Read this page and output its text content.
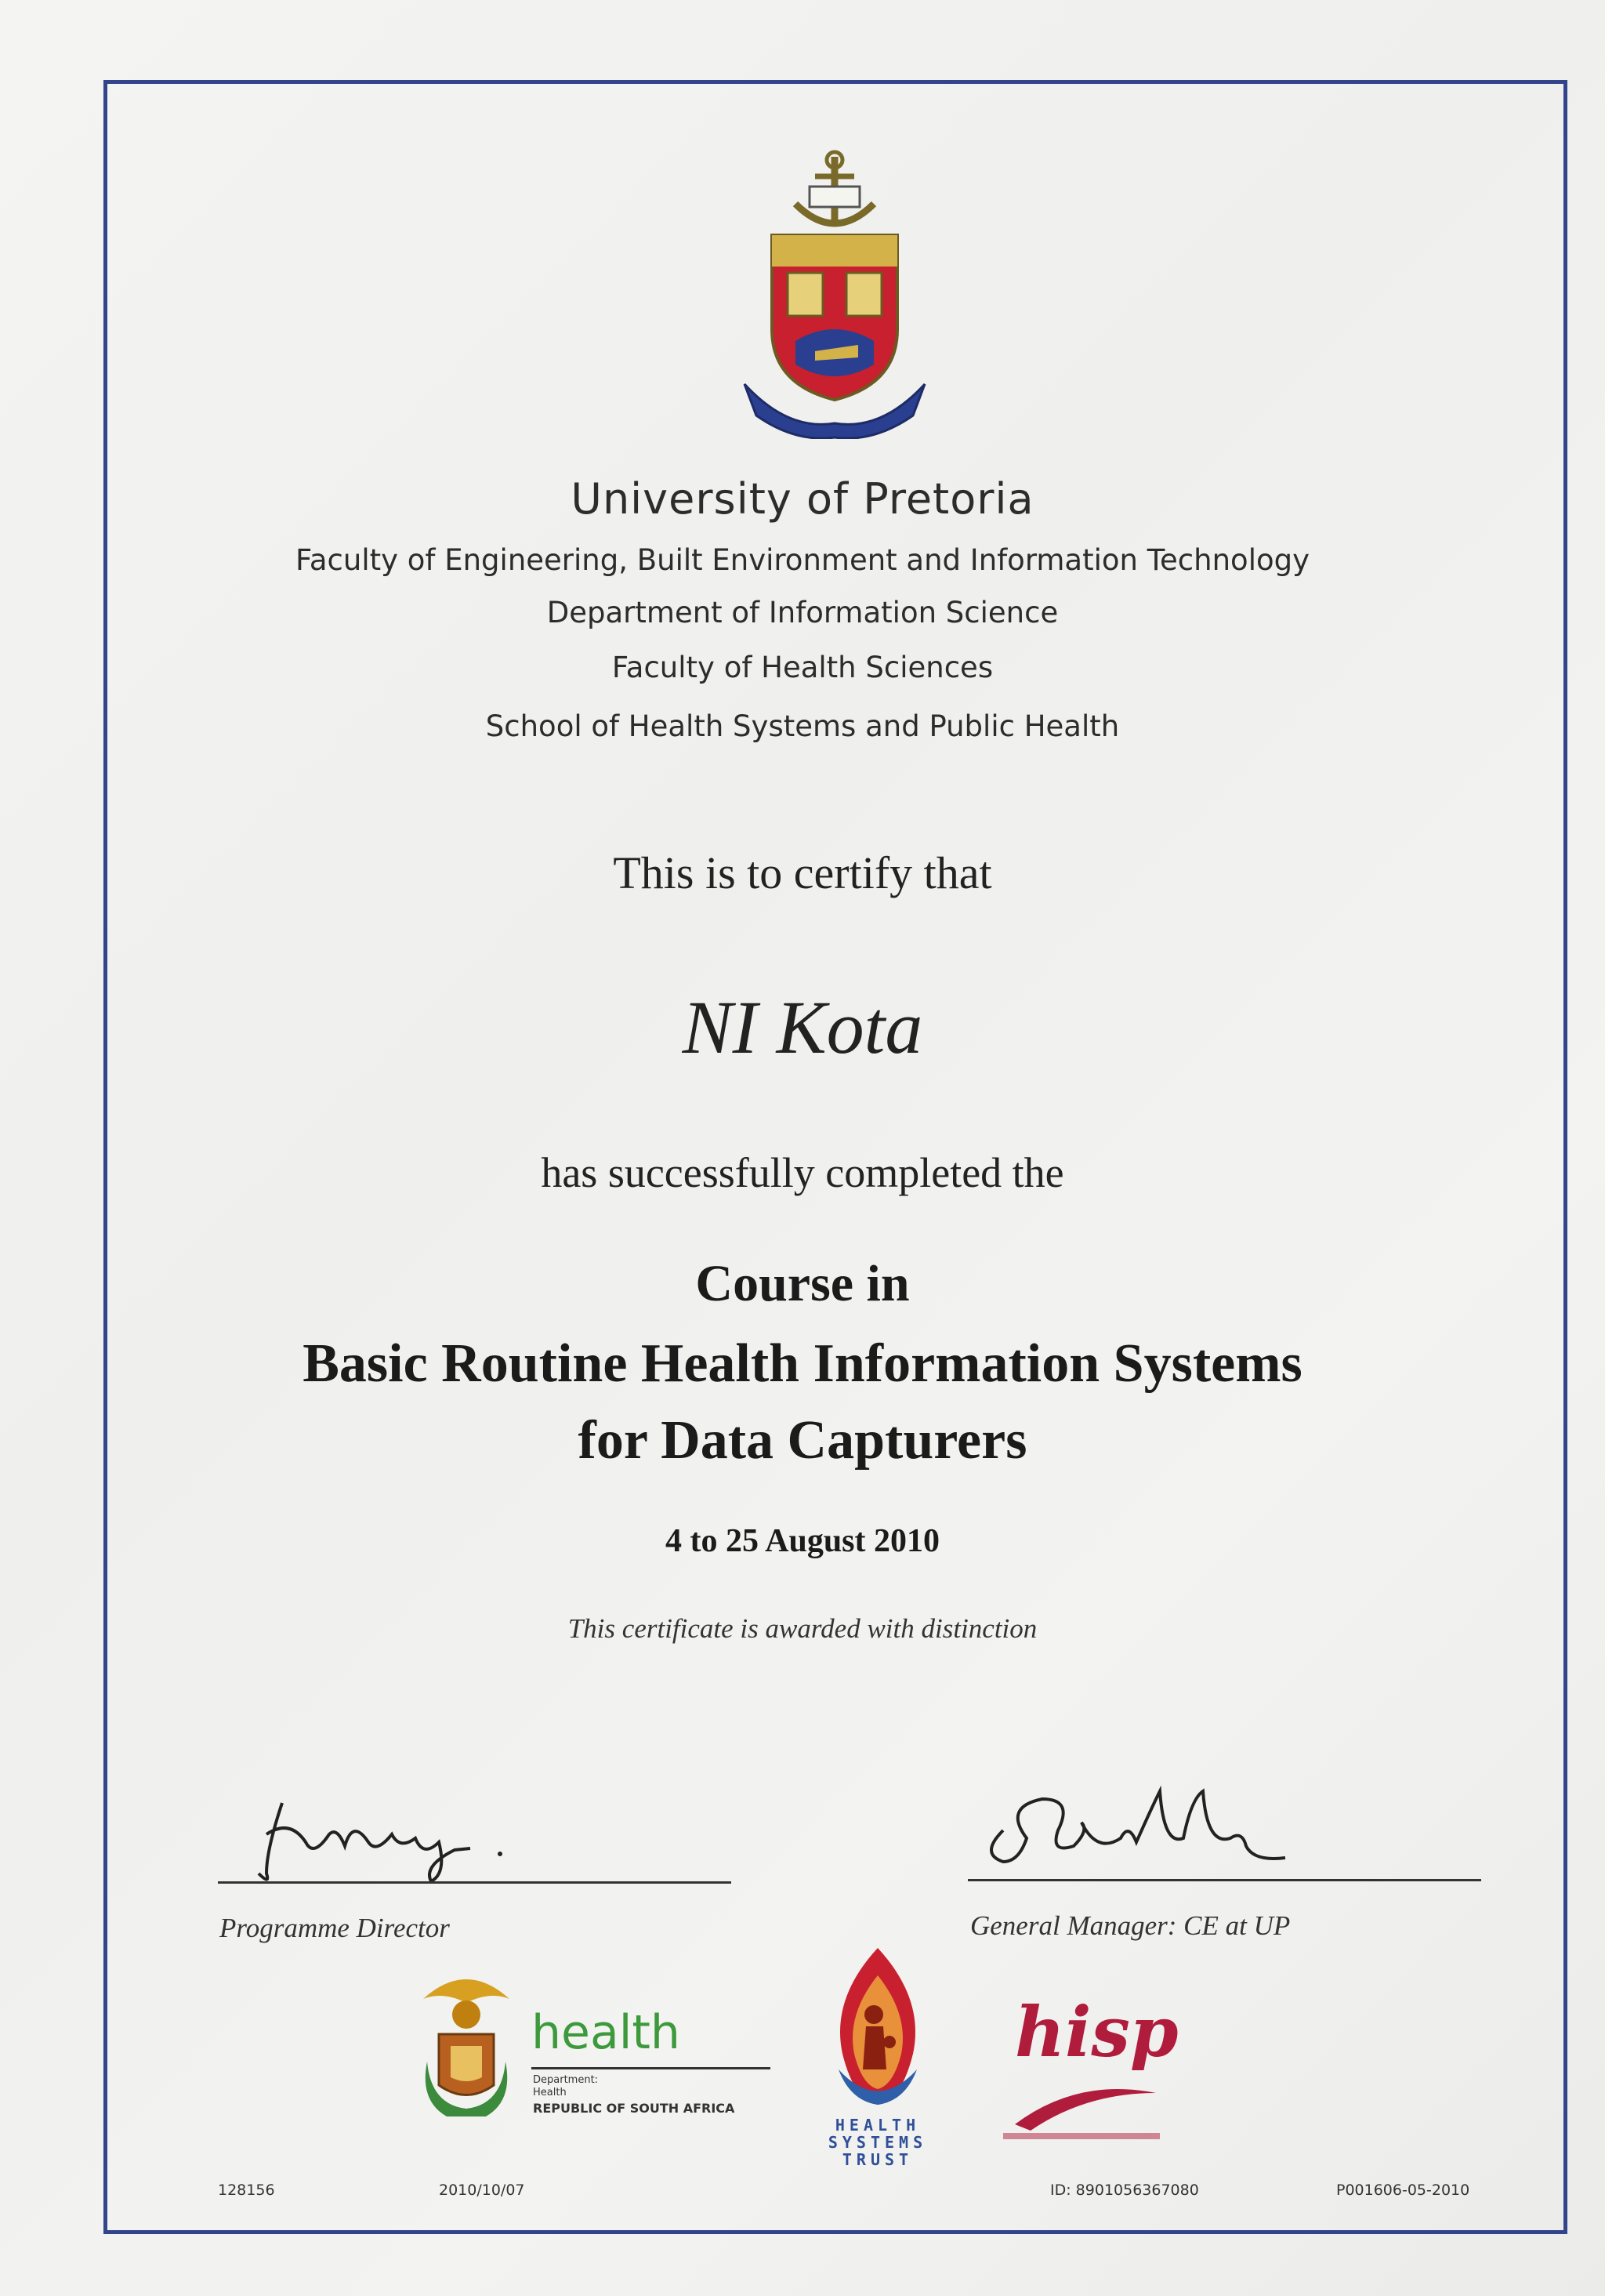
University of Pretoria
Faculty of Engineering, Built Environment and Information Technology
Department of Information Science
Faculty of Health Sciences
School of Health Systems and Public Health
This is to certify that
NI Kota
has successfully completed the
Course in
Basic Routine Health Information Systems
for Data Capturers
4 to 25 August 2010
This certificate is awarded with distinction
Programme Director	General Manager: CE at UP
health
Department:
Health
REPUBLIC OF SOUTH AFRICA
HEALTH
SYSTEMS
TRUST
hisp
128156	2010/10/07	ID: 8901056367080	P001606-05-2010
